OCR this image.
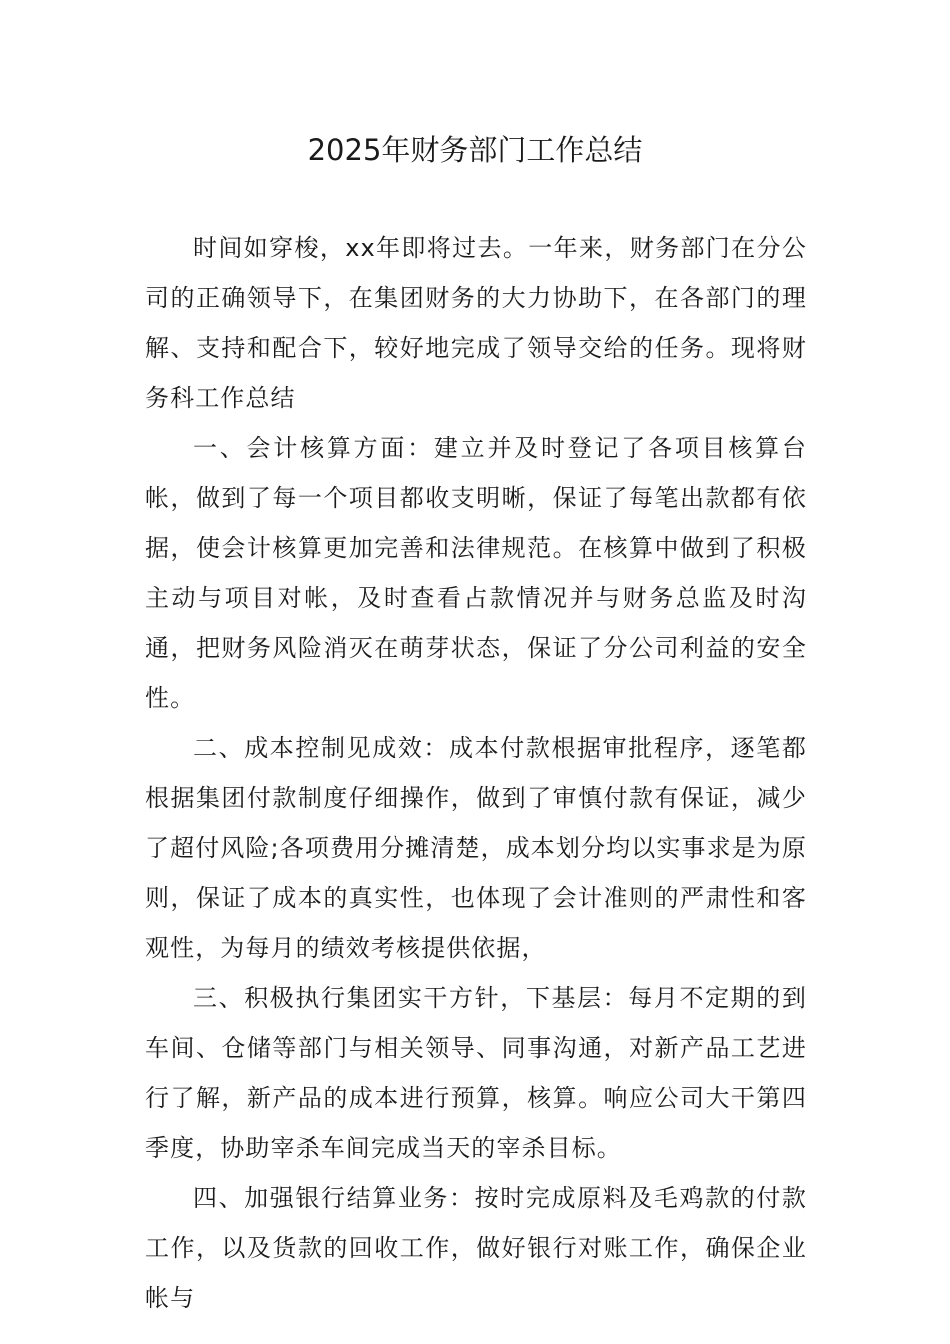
2025年财务部门工作总结

时间如穿梭，xx年即将过去。一年来，财务部门在分公司的正确领导下，在集团财务的大力协助下，在各部门的理解、支持和配合下，较好地完成了领导交给的任务。现将财务科工作总结

一、会计核算方面：建立并及时登记了各项目核算台帐，做到了每一个项目都收支明晰，保证了每笔出款都有依据，使会计核算更加完善和法律规范。在核算中做到了积极主动与项目对帐，及时查看占款情况并与财务总监及时沟通，把财务风险消灭在萌芽状态，保证了分公司利益的安全性。

二、成本控制见成效：成本付款根据审批程序，逐笔都根据集团付款制度仔细操作，做到了审慎付款有保证，减少了超付风险;各项费用分摊清楚，成本划分均以实事求是为原则，保证了成本的真实性，也体现了会计准则的严肃性和客观性，为每月的绩效考核提供依据，

三、积极执行集团实干方针，下基层：每月不定期的到车间、仓储等部门与相关领导、同事沟通，对新产品工艺进行了解，新产品的成本进行预算，核算。响应公司大干第四季度，协助宰杀车间完成当天的宰杀目标。

四、加强银行结算业务：按时完成原料及毛鸡款的付款工作，以及货款的回收工作，做好银行对账工作，确保企业帐与
